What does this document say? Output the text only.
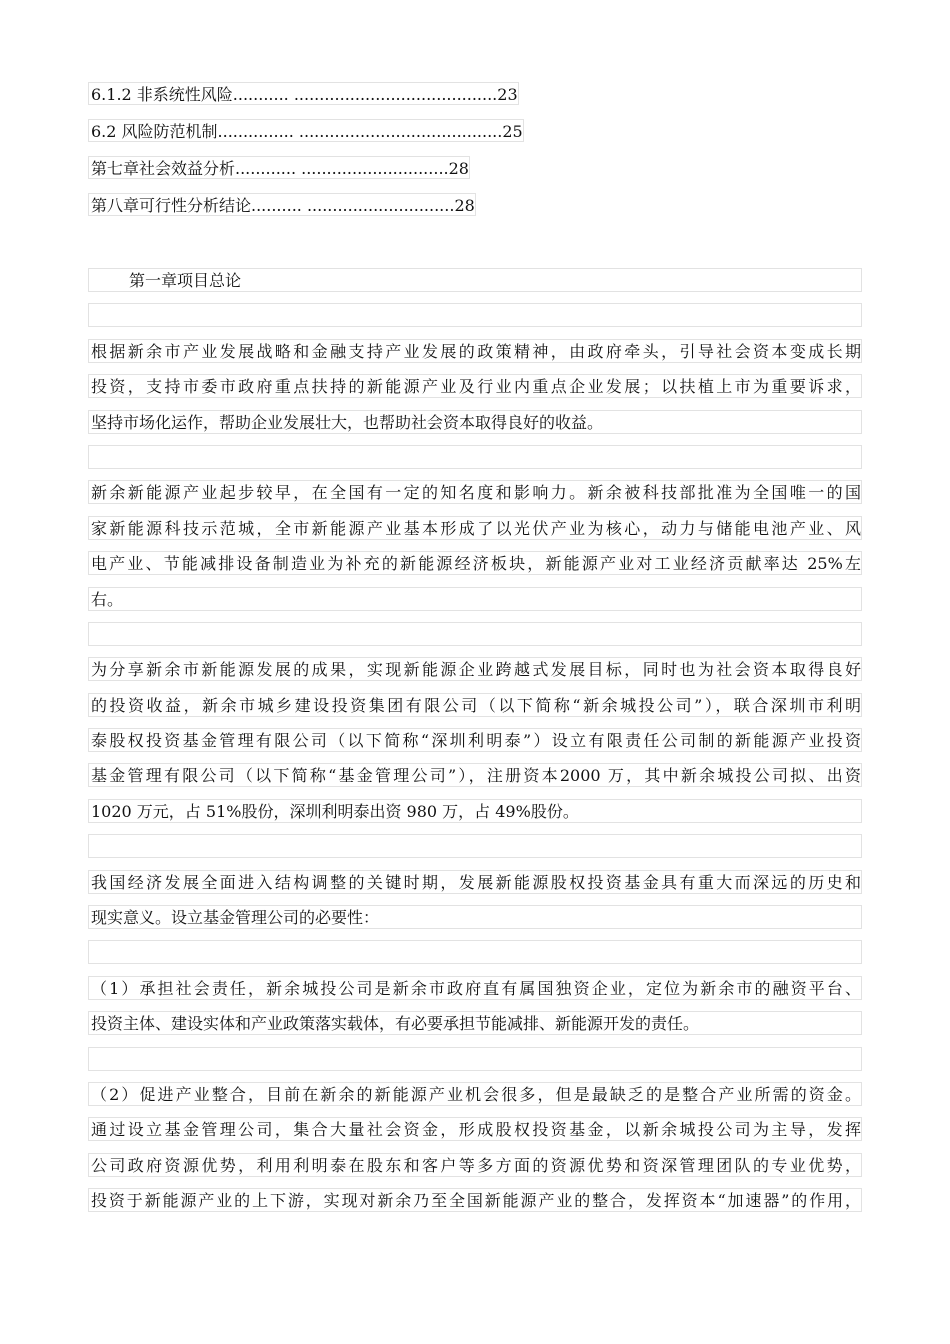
6.1.2 非系统性风险........... ........................................23
6.2 风险防范机制............... ........................................25
第七章社会效益分析............ .............................28
第八章可行性分析结论.......... .............................28
第一章项目总论
根据新余市产业发展战略和金融支持产业发展的政策精神，由政府牵头，引导社会资本变成长期
投资，支持市委市政府重点扶持的新能源产业及行业内重点企业发展；以扶植上市为重要诉求，
坚持市场化运作，帮助企业发展壮大，也帮助社会资本取得良好的收益。
新余新能源产业起步较早，在全国有一定的知名度和影响力。新余被科技部批准为全国唯一的国
家新能源科技示范城，全市新能源产业基本形成了以光伏产业为核心，动力与储能电池产业、风
电产业、节能减排设备制造业为补充的新能源经济板块，新能源产业对工业经济贡献率达 25%左
右。
为分享新余市新能源发展的成果，实现新能源企业跨越式发展目标，同时也为社会资本取得良好
的投资收益，新余市城乡建设投资集团有限公司（以下简称“新余城投公司”），联合深圳市利明
泰股权投资基金管理有限公司（以下简称“深圳利明泰”）设立有限责任公司制的新能源产业投资
基金管理有限公司（以下简称“基金管理公司”），注册资本2000 万，其中新余城投公司拟、出资
1020 万元，占 51%股份，深圳利明泰出资 980 万，占 49%股份。
我国经济发展全面进入结构调整的关键时期，发展新能源股权投资基金具有重大而深远的历史和
现实意义。设立基金管理公司的必要性：
（1）承担社会责任，新余城投公司是新余市政府直有属国独资企业，定位为新余市的融资平台、
投资主体、建设实体和产业政策落实载体，有必要承担节能减排、新能源开发的责任。
（2）促进产业整合，目前在新余的新能源产业机会很多，但是最缺乏的是整合产业所需的资金。
通过设立基金管理公司，集合大量社会资金，形成股权投资基金，以新余城投公司为主导，发挥
公司政府资源优势，利用利明泰在股东和客户等多方面的资源优势和资深管理团队的专业优势，
投资于新能源产业的上下游，实现对新余乃至全国新能源产业的整合，发挥资本“加速器”的作用，
